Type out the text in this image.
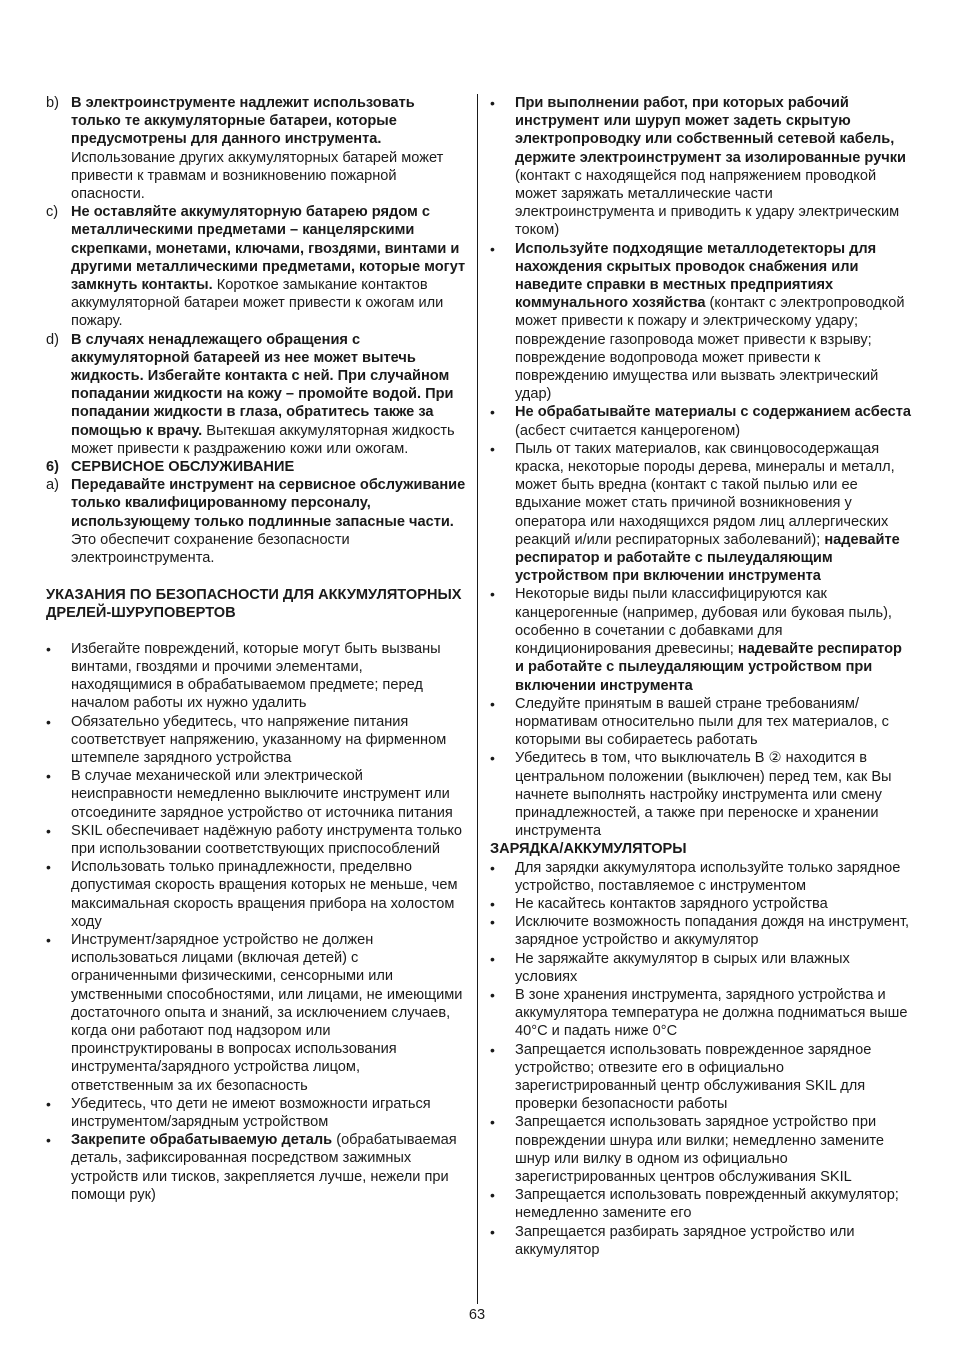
b) В электроинструменте надлежит использовать только те аккумуляторные батареи, которые предусмотрены для данного инструмента. Использование других аккумуляторных батарей может привести к травмам и возникновению пожарной опасности.
c) Не оставляйте аккумуляторную батарею рядом с металлическими предметами – канцелярскими скрепками, монетами, ключами, гвоздями, винтами и другими металлическими предметами, которые могут замкнуть контакты. Короткое замыкание контактов аккумуляторной батареи может привести к ожогам или пожару.
d) В случаях ненадлежащего обращения с аккумуляторной батареей из нее может вытечь жидкость. Избегайте контакта с ней. При случайном попадании жидкости на кожу – промойте водой. При попадании жидкости в глаза, обратитесь также за помощью к врачу. Вытекшая аккумуляторная жидкость может привести к раздражению кожи или ожогам.
6) СЕРВИСНОЕ ОБСЛУЖИВАНИЕ
a) Передавайте инструмент на сервисное обслуживание только квалифицированному персоналу, использующему только подлинные запасные части. Это обеспечит сохранение безопасности электроинструмента.
УКАЗАНИЯ ПО БЕЗОПАСНОСТИ ДЛЯ АККУМУЛЯТОРНЫХ ДРЕЛЕЙ-ШУРУПОВЕРТОВ
• Избегайте повреждений, которые могут быть вызваны винтами, гвоздями и прочими элементами, находящимися в обрабатываемом предмете; перед началом работы их нужно удалить
• Обязательно убедитесь, что напряжение питания соответствует напряжению, указанному на фирменном штемпеле зарядного устройства
• В случае механической или электрической неисправности немедленно выключите инструмент или отсоедините зарядное устройство от источника питания
• SKIL обеспечивает надёжную работу инструмента только при использовании соответствующих приспособлений
• Использовать только принадлежности, пределвно допустимая скорость вращения которых не меньше, чем максимальная скорость вращения прибора на холостом ходу
• Инструмент/зарядное устройство не должен использоваться лицами (включая детей) с ограниченными физическими, сенсорными или умственными способностями, или лицами, не имеющими достаточного опыта и знаний, за исключением случаев, когда они работают под надзором или проинструктированы в вопросах использования инструмента/зарядного устройства лицом, ответственным за их безопасность
• Убедитесь, что дети не имеют возможности играться инструментом/зарядным устройством
• Закрепите обрабатываемую деталь (обрабатываемая деталь, зафиксированная посредством зажимных устройств или тисков, закрепляется лучше, нежели при помощи рук)
• При выполнении работ, при которых рабочий инструмент или шуруп может задеть скрытую электропроводку или собственный сетевой кабель, держите электроинструмент за изолированные ручки (контакт с находящейся под напряжением проводкой может заряжать металлические части электроинструмента и приводить к удару электрическим током)
• Используйте подходящие металлодетекторы для нахождения скрытых проводок снабжения или наведите справки в местных предприятиях коммунального хозяйства (контакт с электропроводкой может привести к пожару и электрическому удару; повреждение газопровода может привести к взрыву; повреждение водопровода может привести к повреждению имущества или вызвать электрический удар)
• Не обрабатывайте материалы с содержанием асбеста (асбест считается канцерогеном)
• Пыль от таких материалов, как свинцовосодержащая краска, некоторые породы дерева, минералы и металл, может быть вредна (контакт с такой пылью или ее вдыхание может стать причиной возникновения у оператора или находящихся рядом лиц аллергических реакций и/или респираторных заболеваний); надевайте респиратор и работайте с пылеудаляющим устройством при включении инструмента
• Некоторые виды пыли классифицируются как канцерогенные (например, дубовая или буковая пыль), особенно в сочетании с добавками для кондиционирования древесины; надевайте респиратор и работайте с пылеудаляющим устройством при включении инструмента
• Следуйте принятым в вашей стране требованиям/ нормативам относительно пыли для тех материалов, с которыми вы собираетесь работать
• Убедитесь в том, что выключатель B ② находится в центральном положении (выключен) перед тем, как Вы начнете выполнять настройку инструмента или смену принадлежностей, а также при переноске и хранении инструмента
ЗАРЯДКА/АККУМУЛЯТОРЫ
• Для зарядки аккумулятора используйте только зарядное устройство, поставляемое с инструментом
• Не касайтесь контактов зарядного устройства
• Исключите возможность попадания дождя на инструмент, зарядное устройство и аккумулятор
• Не заряжайте аккумулятор в сырых или влажных условиях
• В зоне хранения инструмента, зарядного устройства и аккумулятора температура не должна подниматься выше 40°C и падать ниже 0°C
• Запрещается использовать поврежденное зарядное устройство; отвезите его в официально зарегистрированный центр обслуживания SKIL для проверки безопасности работы
• Запрещается использовать зарядное устройство при повреждении шнура или вилки; немедленно замените шнур или вилку в одном из официально зарегистрированных центров обслуживания SKIL
• Запрещается использовать поврежденный аккумулятор; немедленно замените его
• Запрещается разбирать зарядное устройство или аккумулятор
63
